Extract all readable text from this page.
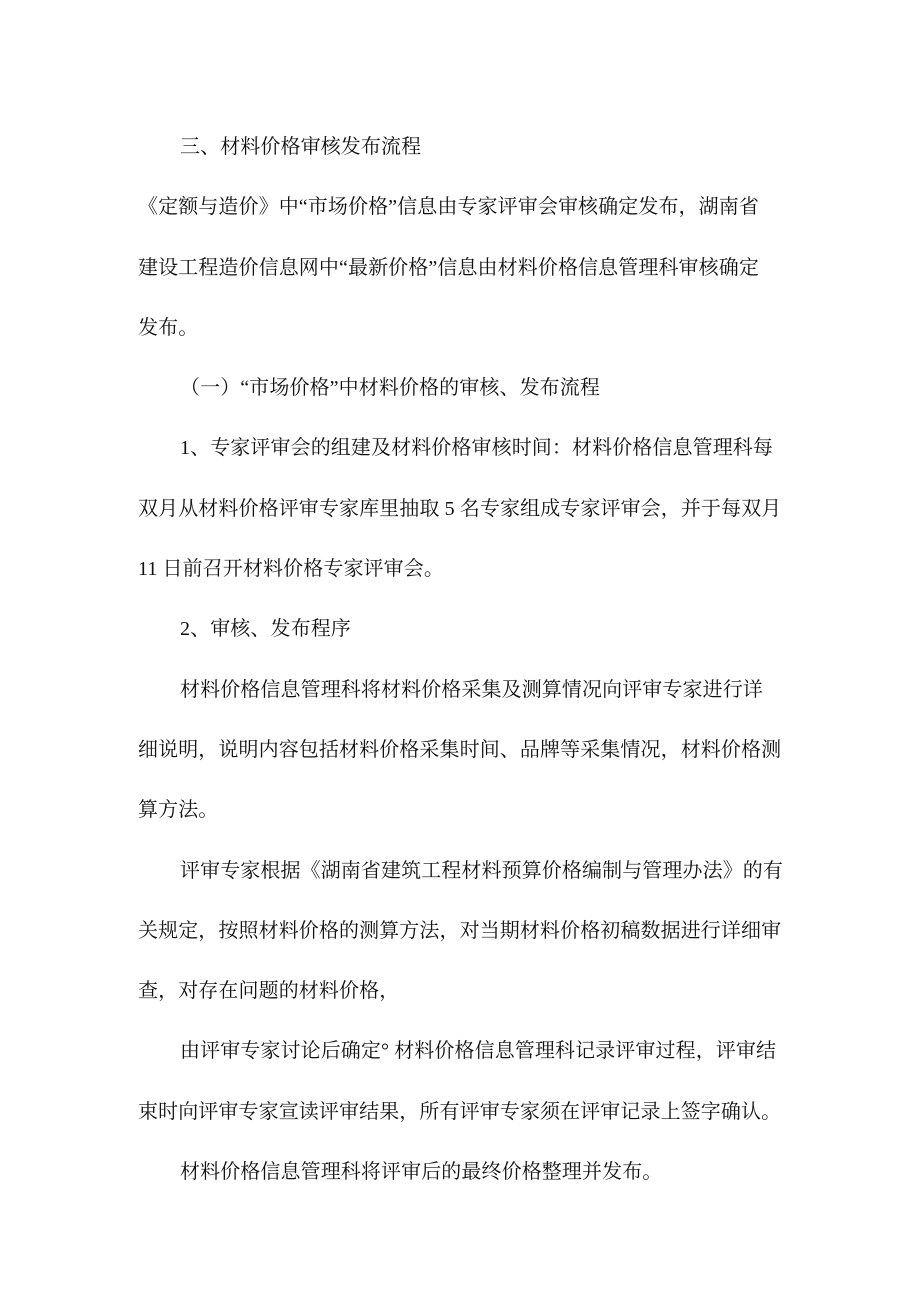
三、材料价格审核发布流程
《定额与造价》中“市场价格”信息由专家评审会审核确定发布，湖南省
建设工程造价信息网中“最新价格”信息由材料价格信息管理科审核确定
发布。
（一）“市场价格”中材料价格的审核、发布流程
1、专家评审会的组建及材料价格审核时间：材料价格信息管理科每
双月从材料价格评审专家库里抽取 5 名专家组成专家评审会，并于每双月
11 日前召开材料价格专家评审会。
2、审核、发布程序
材料价格信息管理科将材料价格采集及测算情况向评审专家进行详
细说明，说明内容包括材料价格采集时间、品牌等采集情况，材料价格测
算方法。
评审专家根据《湖南省建筑工程材料预算价格编制与管理办法》的有
关规定，按照材料价格的测算方法，对当期材料价格初稿数据进行详细审
查，对存在问题的材料价格，
由评审专家讨论后确定° 材料价格信息管理科记录评审过程，评审结
束时向评审专家宣读评审结果，所有评审专家须在评审记录上签字确认。
材料价格信息管理科将评审后的最终价格整理并发布。
